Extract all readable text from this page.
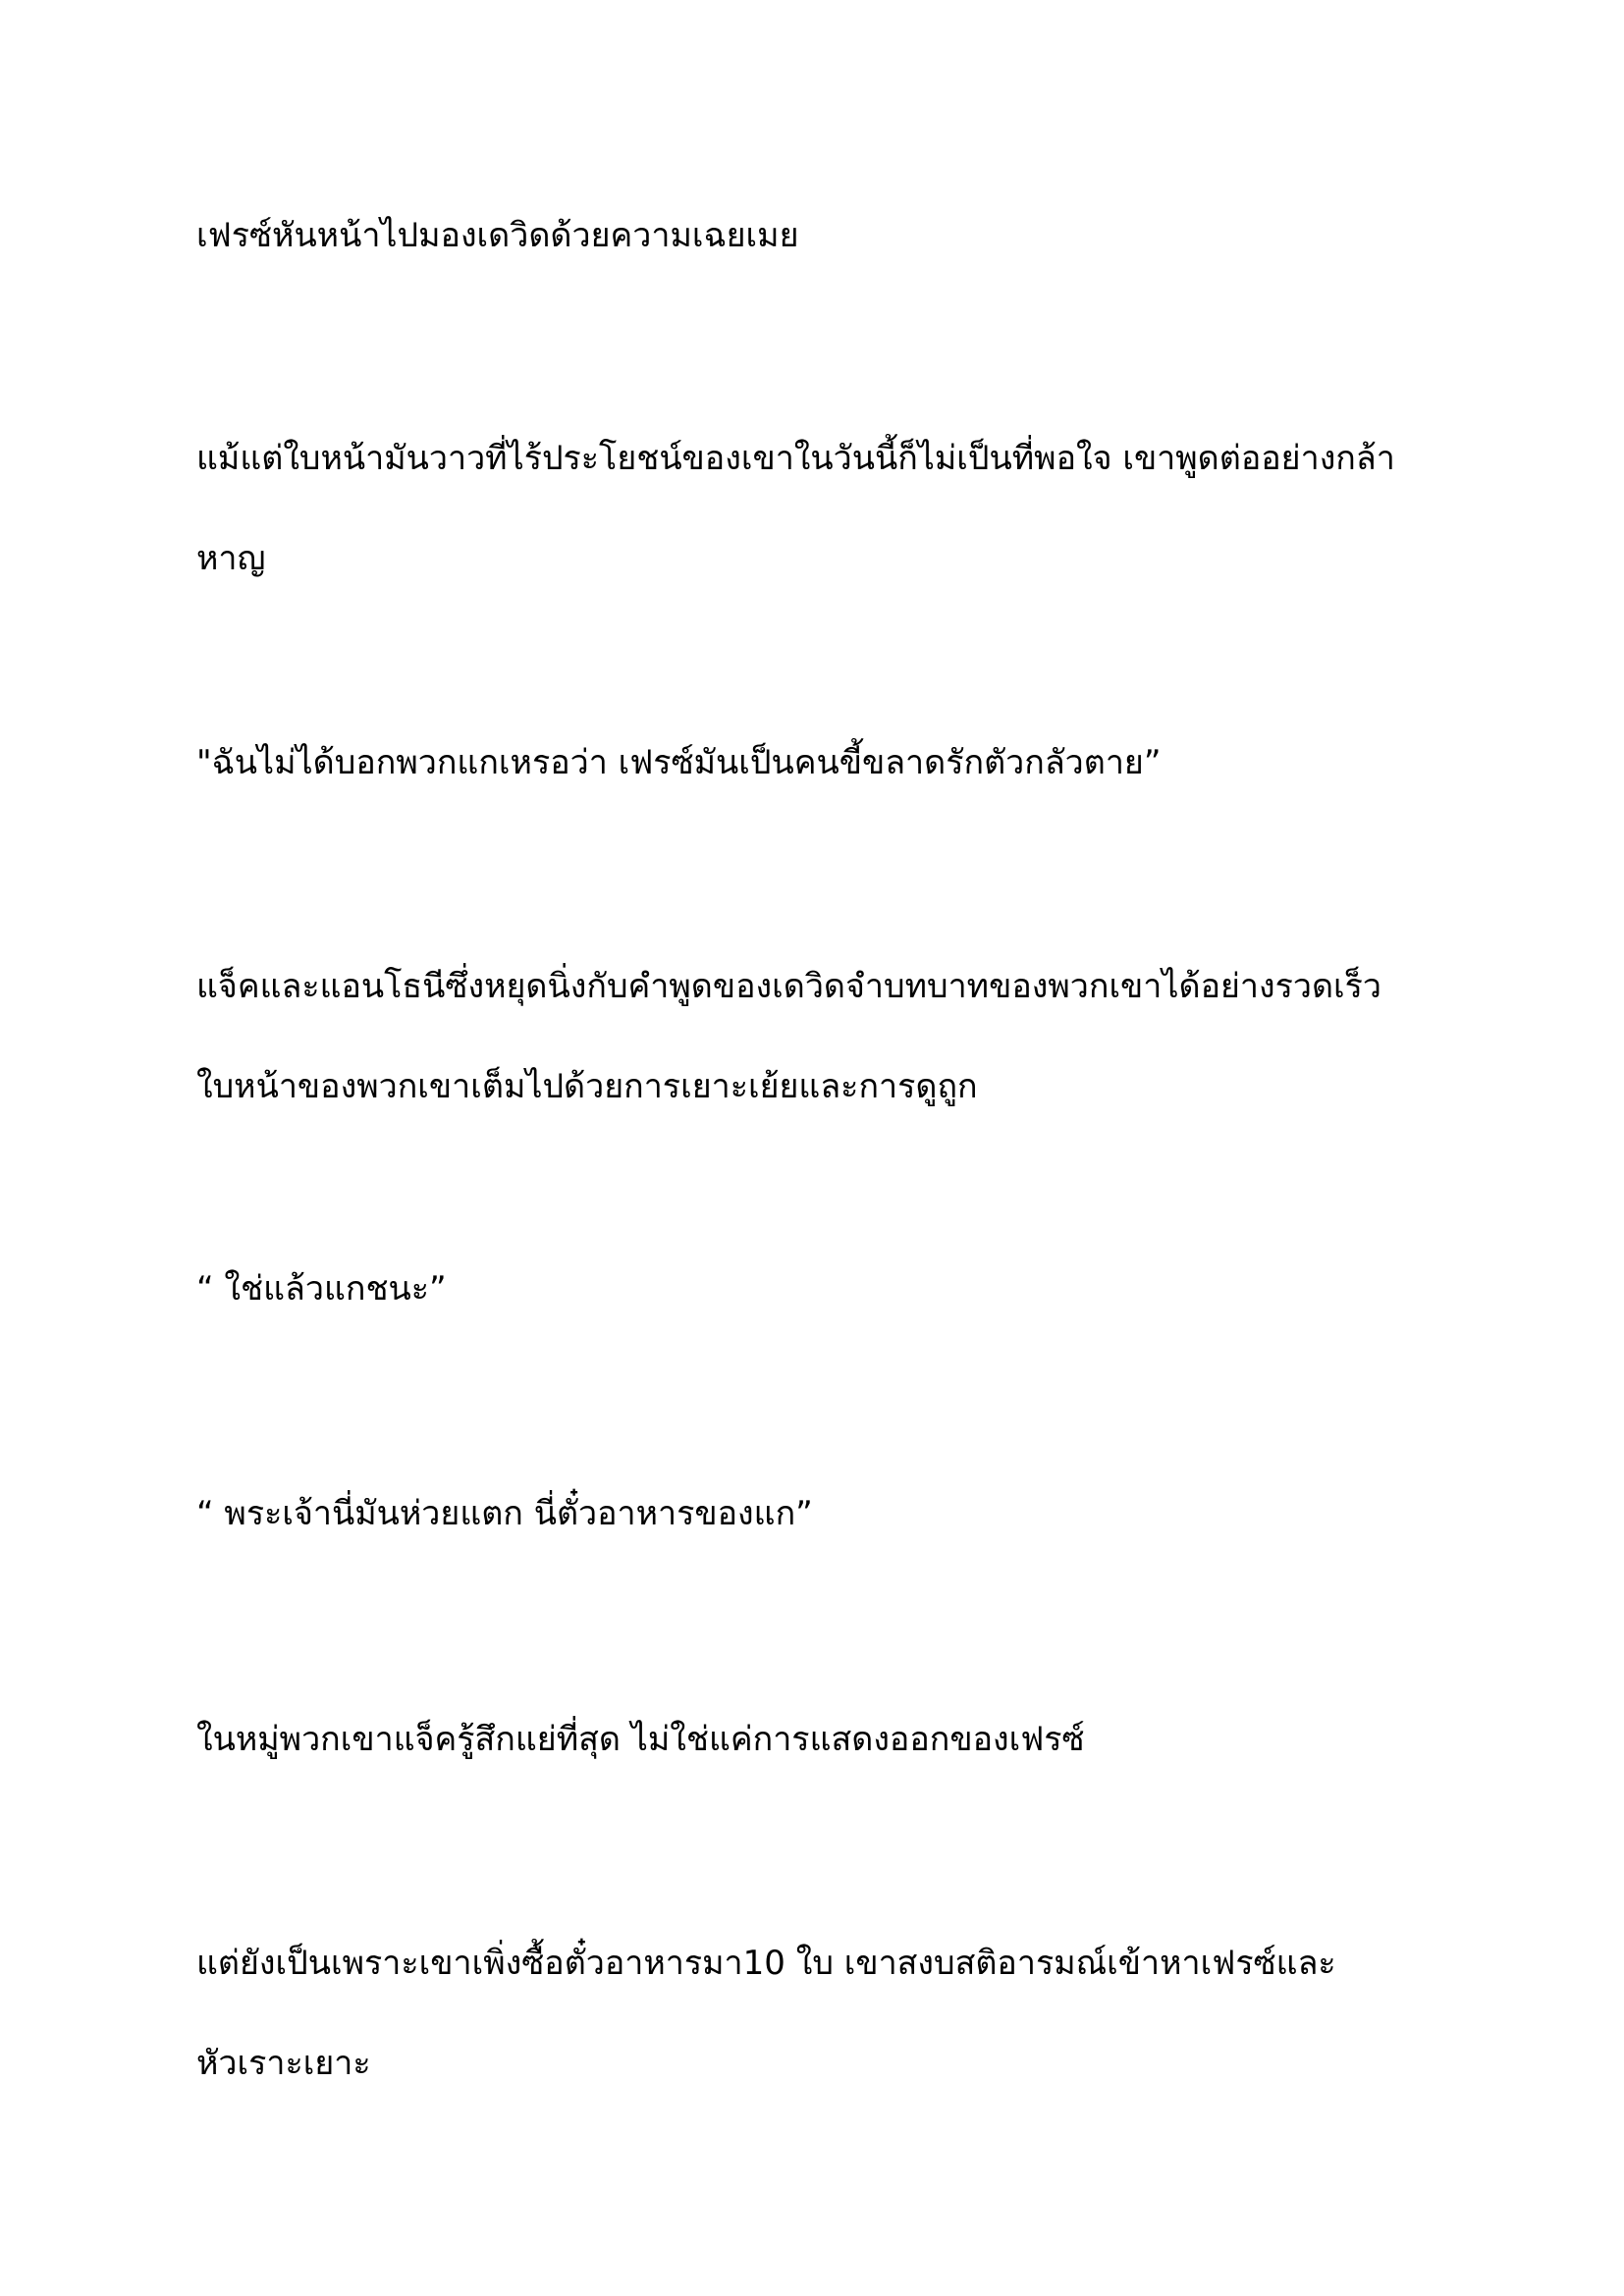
เฟรซ์หันหน้าไปมองเดวิดด้วยความเฉยเมย

แม้แต่ใบหน้ามันวาวที่ไร้ประโยชน์ของเขาในวันนี้ก็ไม่เป็นที่พอใจ เขาพูดต่ออย่างกล้า
หาญ

"ฉันไม่ได้บอกพวกแกเหรอว่า เฟรซ์มันเป็นคนขี้ขลาดรักตัวกลัวตาย”

แจ็คและแอนโธนีซึ่งหยุดนิ่งกับคำพูดของเดวิดจำบทบาทของพวกเขาได้อย่างรวดเร็ว
ใบหน้าของพวกเขาเต็มไปด้วยการเยาะเย้ยและการดูถูก

“ ใช่แล้วแกชนะ”

“ พระเจ้านี่มันห่วยแตก นี่ตั๋วอาหารของแก”

ในหมู่พวกเขาแจ็ครู้สึกแย่ที่สุด ไม่ใช่แค่การแสดงออกของเฟรซ์

แต่ยังเป็นเพราะเขาเพิ่งซื้อตั๋วอาหารมา10 ใบ เขาสงบสติอารมณ์เข้าหาเฟรซ์และ
หัวเราะเยาะ
